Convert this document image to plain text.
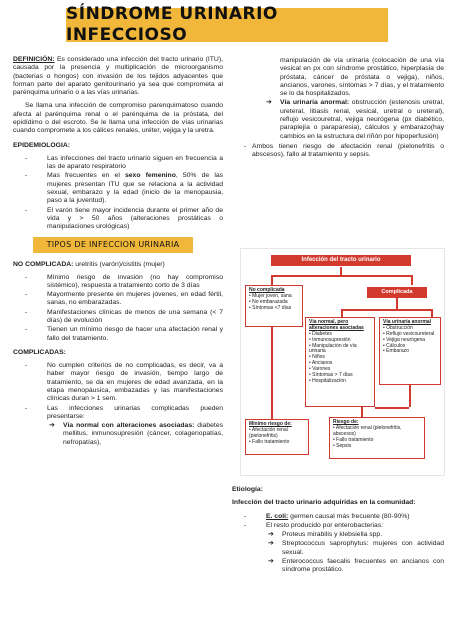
SÍNDROME URINARIO INFECCIOSO

DEFINICIÓN: Es considerado una infección del tracto urinario (ITU), causada por la presencia y multiplicación de microorganismo (bacterias o hongos) con invasión de los tejidos adyacentes que forman parte del aparato genitourinario ya sea que comprometa al parénquima urinario o a las vías urinarias.

Se llama una infección de compromiso parenquimatoso cuando afecta al parénquima renal o el parénquima de la próstata, del epidídimo o del escroto. Se le llama una infección de vías urinarias cuando compromete a los cálices renales, uréter, vejiga y la uretra.

EPIDEMIOLOGIA:
- Las infecciones del tracto urinario siguen en frecuencia a las de aparato respiratorio
- Mas frecuentes en el sexo femenino, 50% de las mujeres presentan ITU que se relaciona a la actividad sexual, embarazo y la edad (inicio de la menopausia, paso a la juventud).
- El varón tiene mayor incidencia durante el primer año de vida y > 50 años (alteraciones prostáticas o manipulaciones urológicas)
TIPOS DE INFECCION URINARIA

NO COMPLICADA: uretritis (varón)/cistitis (mujer)

- Mínimo riesgo de invasión (no hay compromiso sistémico), respuesta a tratamiento corto de 3 días
- Mayormente presente en mujeres jóvenes, en edad fértil, sanas, no embarazadas.
- Manifestaciones clínicas de menos de una semana (< 7 días) de evolución
- Tienen un mínimo riesgo de hacer una afectación renal y fallo del tratamiento.
COMPLICADAS:
- No cumplen criterios de no complicadas, es decir, va a haber mayor riesgo de invasión, tiempo largo de tratamiento, se da en mujeres de edad avanzada, en la etapa menopáusica, embazadas y las manifestaciones clínicas duran > 1 sem.
- Las infecciones urinarias complicadas pueden presentarse:
➔ Vía normal con alteraciones asociadas: diabetes mellitus, inmunosupresión (cáncer, colagenopatías, nefropatías),
manipulación de vía urinaria (colocación de una vía vesical en px con síndrome prostático, hiperplasia de próstata, cáncer de próstata o vejiga), niños, ancianos, varones, síntomas > 7 días, y el tratamiento se lo da hospitalizados.
➔ Vía urinaria anormal: obstrucción (estenosis uretral, ureteral, litiasis renal, vesical, uretral o ureteral), reflujo vesicouretral, vejiga neurógena (px diabético, paraplejía o paraparesia), cálculos y embarazo(hay cambios en la estructura del riñón por hipoperfusión)
- Ambos tienen riesgo de afectación renal (pielonefritis o abscesos), fallo al tratamiento y sepsis.
Infección del tracto urinario
No complicada
• Mujer joven, sana
• No embarazada
• Síntomas <7 días
Complicada
Vía normal, pero alteraciones asociadas
• Diabetes
• Inmunosupresión
• Manipulación de vía urinaria
• Niños
• Ancianos
• Varones
• Síntomas > 7 días
• Hospitalización
Vía urinaria anormal
• Obstrucción
• Reflujo vesicoureteral
• Vejiga neurógena
• Cálculos
• Embarazo
Mínimo riesgo de:
• Afectación renal (pielonefritis)
• Fallo tratamiento
Riesgo de:
• Afectación renal (pielonefritis, abscesos)
• Fallo tratamiento
• Sepsis
Etiología:

Infección del tracto urinario adquiridas en la comunidad:

- E. coli: germen causal más frecuente (80-90%)
- El resto producido por enterobacterias:
➔ Proteus mirabilis y klebsiella spp.
➔ Streptococcus saprophytus: mujeres con actividad sexual.
➔ Enterococcus faecalis frecuentes en ancianos con síndrome prostático.
